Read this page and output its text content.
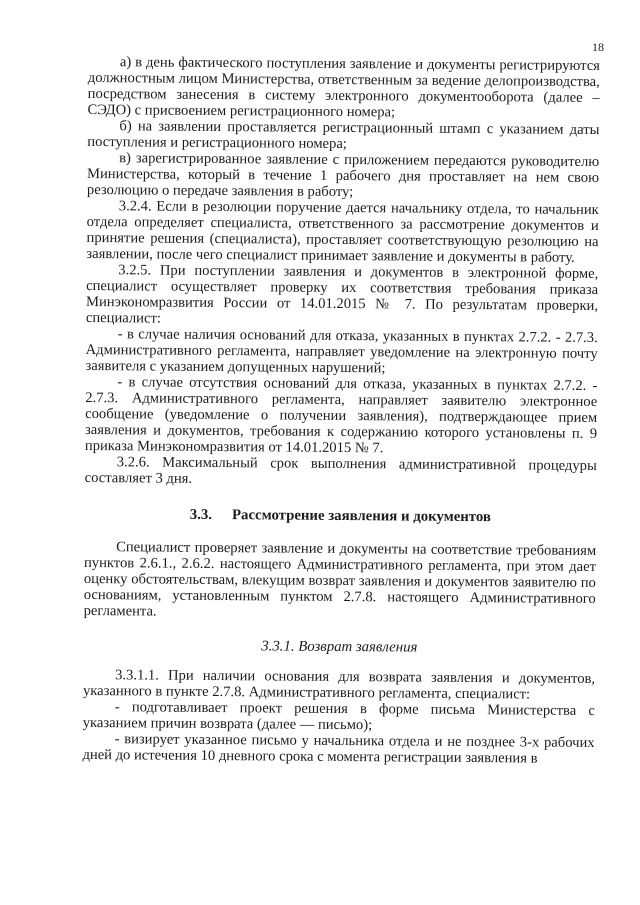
18

а) в день фактического поступления заявление и документы регистрируются должностным лицом Министерства, ответственным за ведение делопроизводства, посредством занесения в систему электронного документооборота (далее – СЭДО) с присвоением регистрационного номера;

б) на заявлении проставляется регистрационный штамп с указанием даты поступления и регистрационного номера;

в) зарегистрированное заявление с приложением передаются руководителю Министерства, который в течение 1 рабочего дня проставляет на нем свою резолюцию о передаче заявления в работу;

3.2.4. Если в резолюции поручение дается начальнику отдела, то начальник отдела определяет специалиста, ответственного за рассмотрение документов и принятие решения (специалиста), проставляет соответствующую резолюцию на заявлении, после чего специалист принимает заявление и документы в работу.

3.2.5. При поступлении заявления и документов в электронной форме, специалист осуществляет проверку их соответствия требования приказа Минэкономразвития России от 14.01.2015 № 7. По результатам проверки, специалист:

- в случае наличия оснований для отказа, указанных в пунктах 2.7.2. - 2.7.3. Административного регламента, направляет уведомление на электронную почту заявителя с указанием допущенных нарушений;

- в случае отсутствия оснований для отказа, указанных в пунктах 2.7.2. - 2.7.3. Административного регламента, направляет заявителю электронное сообщение (уведомление о получении заявления), подтверждающее прием заявления и документов, требования к содержанию которого установлены п. 9 приказа Минэкономразвития от 14.01.2015 № 7.

3.2.6. Максимальный срок выполнения административной процедуры составляет 3 дня.

3.3. Рассмотрение заявления и документов

Специалист проверяет заявление и документы на соответствие требованиям пунктов 2.6.1., 2.6.2. настоящего Административного регламента, при этом дает оценку обстоятельствам, влекущим возврат заявления и документов заявителю по основаниям, установленным пунктом 2.7.8. настоящего Административного регламента.

3.3.1. Возврат заявления

3.3.1.1. При наличии основания для возврата заявления и документов, указанного в пункте 2.7.8. Административного регламента, специалист:

- подготавливает проект решения в форме письма Министерства с указанием причин возврата (далее — письмо);

- визирует указанное письмо у начальника отдела и не позднее 3-х рабочих дней до истечения 10 дневного срока с момента регистрации заявления в
